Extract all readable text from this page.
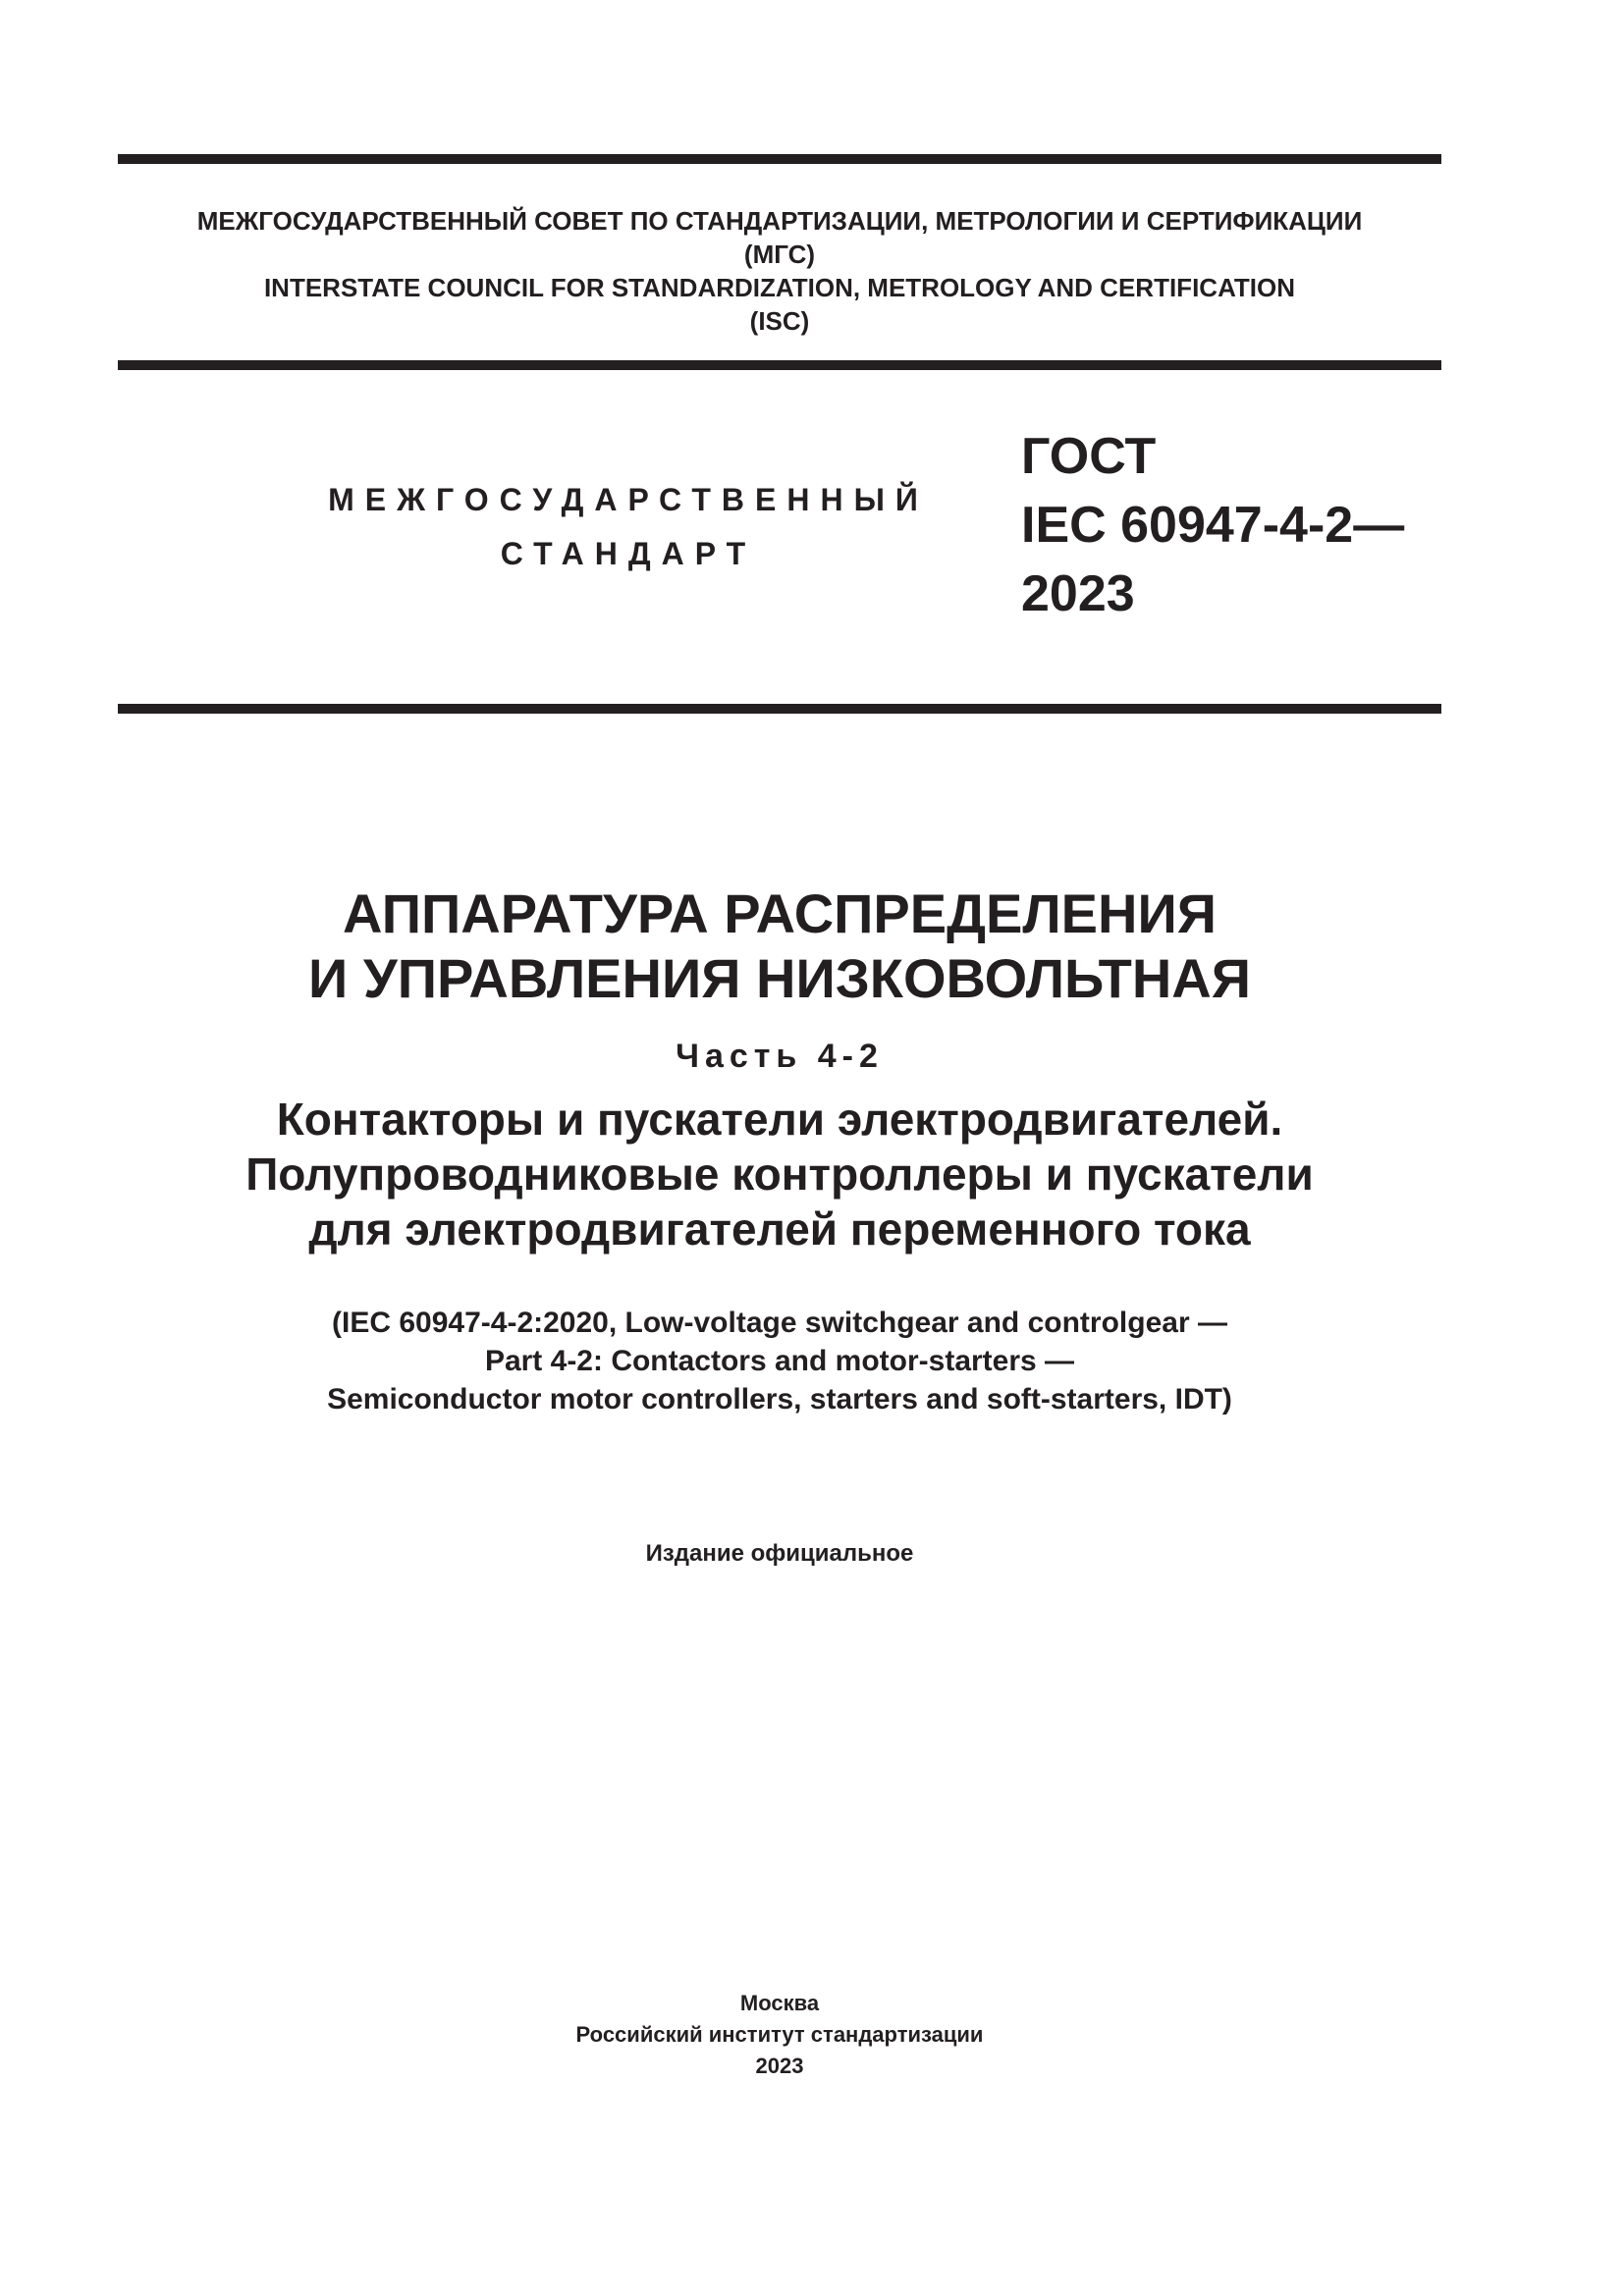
МЕЖГОСУДАРСТВЕННЫЙ СОВЕТ ПО СТАНДАРТИЗАЦИИ, МЕТРОЛОГИИ И СЕРТИФИКАЦИИ
(МГС)
INTERSTATE COUNCIL FOR STANDARDIZATION, METROLOGY AND CERTIFICATION
(ISC)
МЕЖГОСУДАРСТВЕННЫЙ
СТАНДАРТ
ГОСТ
IEC 60947-4-2—
2023
АППАРАТУРА РАСПРЕДЕЛЕНИЯ
И УПРАВЛЕНИЯ НИЗКОВОЛЬТНАЯ
Часть 4-2
Контакторы и пускатели электродвигателей.
Полупроводниковые контроллеры и пускатели
для электродвигателей переменного тока
(IEC 60947-4-2:2020, Low-voltage switchgear and controlgear —
Part 4-2: Contactors and motor-starters —
Semiconductor motor controllers, starters and soft-starters, IDT)
Издание официальное
Москва
Российский институт стандартизации
2023
